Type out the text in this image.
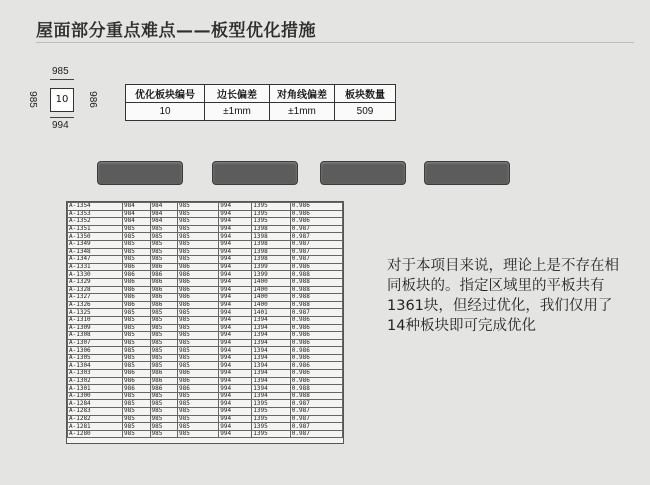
屋面部分重点难点——板型优化措施
985
985	986
10
994
优化板块编号	边长偏差	对角线偏差	板块数量
10	±1mm	±1mm	509
A-1354	984	984	985	994	1395	0.986
A-1353	984	984	985	994	1395	0.986
A-1352	984	984	985	994	1395	0.986
A-1351	985	985	985	994	1398	0.987
A-1350	985	985	985	994	1398	0.987
A-1349	985	985	985	994	1398	0.987
A-1348	985	985	985	994	1398	0.987
A-1347	985	985	985	994	1398	0.987
A-1331	986	986	986	994	1399	0.986
A-1330	986	986	986	994	1399	0.988
A-1329	986	986	986	994	1400	0.988
A-1328	986	986	986	994	1400	0.988
A-1327	986	986	986	994	1400	0.988
A-1326	986	986	986	994	1400	0.988
A-1325	985	985	985	994	1401	0.987
A-1310	985	985	985	994	1394	0.986
A-1309	985	985	985	994	1394	0.986
A-1308	985	985	985	994	1394	0.986
A-1307	985	985	985	994	1394	0.986
A-1306	985	985	985	994	1394	0.986
A-1305	985	985	985	994	1394	0.986
A-1304	985	985	985	994	1394	0.986
A-1303	986	986	986	994	1394	0.986
A-1302	986	986	986	994	1394	0.986
A-1301	986	986	986	994	1394	0.988
A-1300	985	985	985	994	1394	0.988
A-1284	985	985	985	994	1395	0.987
A-1283	985	985	985	994	1395	0.987
A-1282	985	985	985	994	1395	0.987
A-1281	985	985	985	994	1395	0.987
A-1280	985	985	985	994	1395	0.987
对于本项目来说，理论上是不存在相同板块的。指定区域里的平板共有1361块，但经过优化，我们仅用了14种板块即可完成优化
